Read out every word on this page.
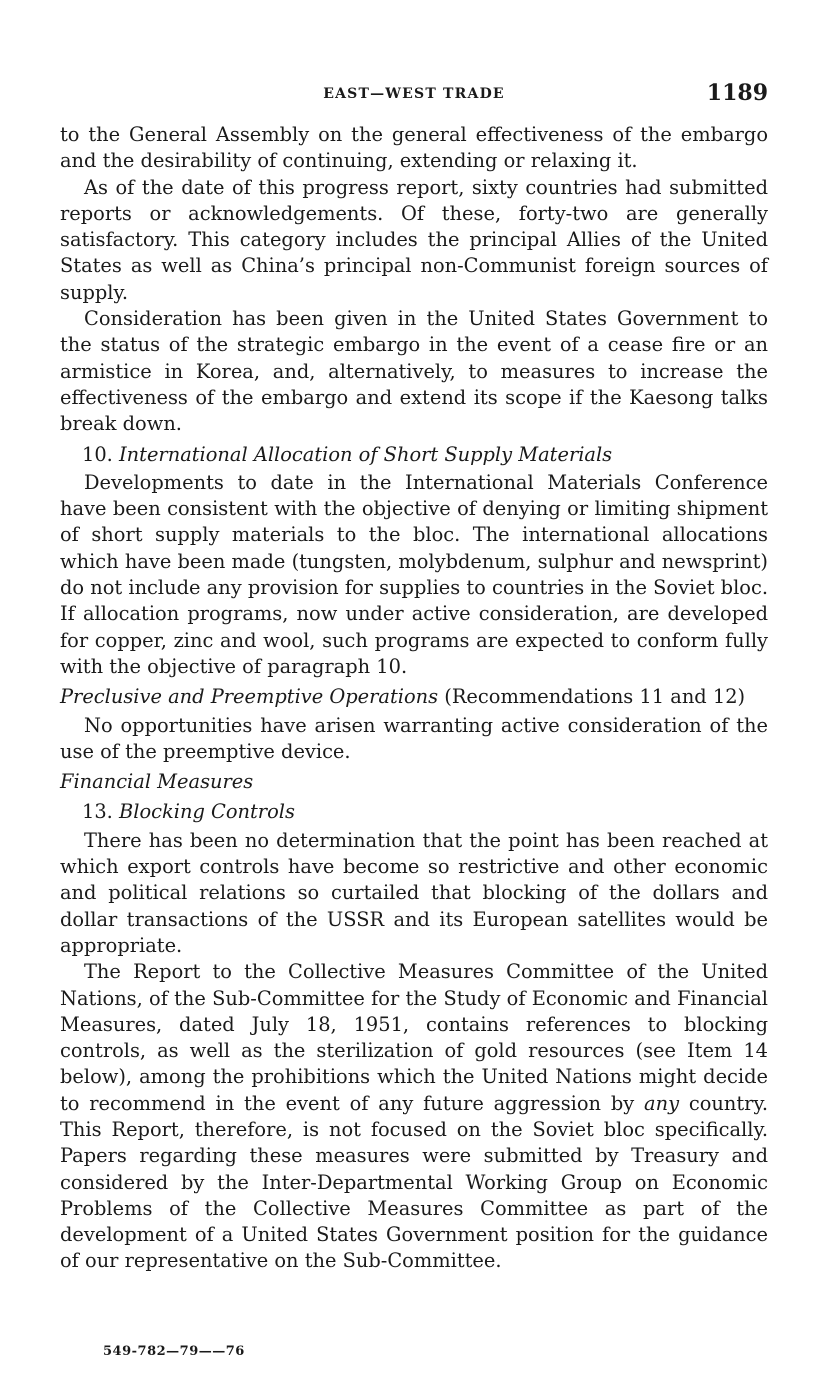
EAST—WEST TRADE	1189

to the General Assembly on the general effectiveness of the embargo and the desirability of continuing, extending or relaxing it.

As of the date of this progress report, sixty countries had submitted reports or acknowledgements. Of these, forty-two are generally satisfactory. This category includes the principal Allies of the United States as well as China’s principal non-Communist foreign sources of supply.

Consideration has been given in the United States Government to the status of the strategic embargo in the event of a cease fire or an armistice in Korea, and, alternatively, to measures to increase the effectiveness of the embargo and extend its scope if the Kaesong talks break down.

10. International Allocation of Short Supply Materials

Developments to date in the International Materials Conference have been consistent with the objective of denying or limiting shipment of short supply materials to the bloc. The international allocations which have been made (tungsten, molybdenum, sulphur and newsprint) do not include any provision for supplies to countries in the Soviet bloc. If allocation programs, now under active consideration, are developed for copper, zinc and wool, such programs are expected to conform fully with the objective of paragraph 10.

Preclusive and Preemptive Operations (Recommendations 11 and 12)

No opportunities have arisen warranting active consideration of the use of the preemptive device.

Financial Measures

13. Blocking Controls

There has been no determination that the point has been reached at which export controls have become so restrictive and other economic and political relations so curtailed that blocking of the dollars and dollar transactions of the USSR and its European satellites would be appropriate.

The Report to the Collective Measures Committee of the United Nations, of the Sub-Committee for the Study of Economic and Financial Measures, dated July 18, 1951, contains references to blocking controls, as well as the sterilization of gold resources (see Item 14 below), among the prohibitions which the United Nations might decide to recommend in the event of any future aggression by any country. This Report, therefore, is not focused on the Soviet bloc specifically. Papers regarding these measures were submitted by Treasury and considered by the Inter-Departmental Working Group on Economic Problems of the Collective Measures Committee as part of the development of a United States Government position for the guidance of our representative on the Sub-Committee.

549-782—79——76
